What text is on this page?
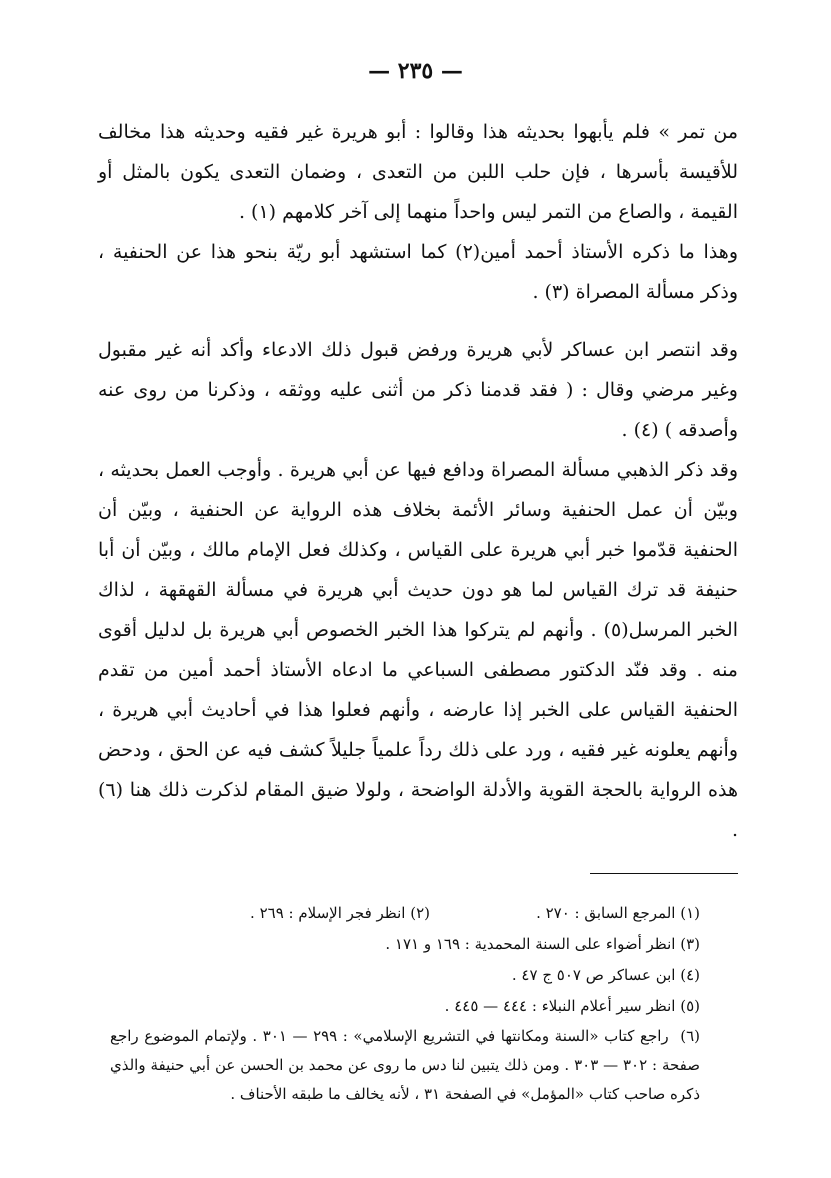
— ٢٣٥ —

من تمر » فلم يأبهوا بحديثه هذا وقالوا : أبو هريرة غير فقيه وحديثه هذا مخالف للأقيسة بأسرها ، فإن حلب اللبن من التعدى ، وضمان التعدى يكون بالمثل أو القيمة ، والصاع من التمر ليس واحداً منهما إلى آخر كلامهم (١) .

وهذا ما ذكره الأستاذ أحمد أمين(٢) كما استشهد أبو ريّة بنحو هذا عن الحنفية ، وذكر مسألة المصراة (٣) .

وقد انتصر ابن عساكر لأبي هريرة ورفض قبول ذلك الادعاء وأكد أنه غير مقبول وغير مرضي وقال : ( فقد قدمنا ذكر من أثنى عليه ووثقه ، وذكرنا من روى عنه وأصدقه ) (٤) .

وقد ذكر الذهبي مسألة المصراة ودافع فيها عن أبي هريرة . وأوجب العمل بحديثه ، وبيّن أن عمل الحنفية وسائر الأئمة بخلاف هذه الرواية عن الحنفية ، وبيّن أن الحنفية قدّموا خبر أبي هريرة على القياس ، وكذلك فعل الإمام مالك ، وبيّن أن أبا حنيفة قد ترك القياس لما هو دون حديث أبي هريرة في مسألة القهقهة ، لذاك الخبر المرسل(٥) . وأنهم لم يتركوا هذا الخبر الخصوص أبي هريرة بل لدليل أقوى منه . وقد فنّد الدكتور مصطفى السباعي ما ادعاه الأستاذ أحمد أمين من تقدم الحنفية القياس على الخبر إذا عارضه ، وأنهم فعلوا هذا في أحاديث أبي هريرة ، وأنهم يعلونه غير فقيه ، ورد على ذلك رداً علمياً جليلاً كشف فيه عن الحق ، ودحض هذه الرواية بالحجة القوية والأدلة الواضحة ، ولولا ضيق المقام لذكرت ذلك هنا (٦) .

(١) المرجع السابق : ٢٧٠ .
(٢) انظر فجر الإسلام : ٢٦٩ .
(٣) انظر أضواء على السنة المحمدية : ١٦٩ و ١٧١ .
(٤) ابن عساكر ص ٥٠٧ ج ٤٧ .
(٥) انظر سير أعلام النبلاء : ٤٤٤ — ٤٤٥ .
(٦) راجع كتاب «السنة ومكانتها في التشريع الإسلامي» : ٢٩٩ — ٣٠١ . ولإتمام الموضوع راجع صفحة : ٣٠٢ — ٣٠٣ . ومن ذلك يتبين لنا دس ما روى عن محمد بن الحسن عن أبي حنيفة والذي ذكره صاحب كتاب «المؤمل» في الصفحة ٣١ ، لأنه يخالف ما طبقه الأحناف .
